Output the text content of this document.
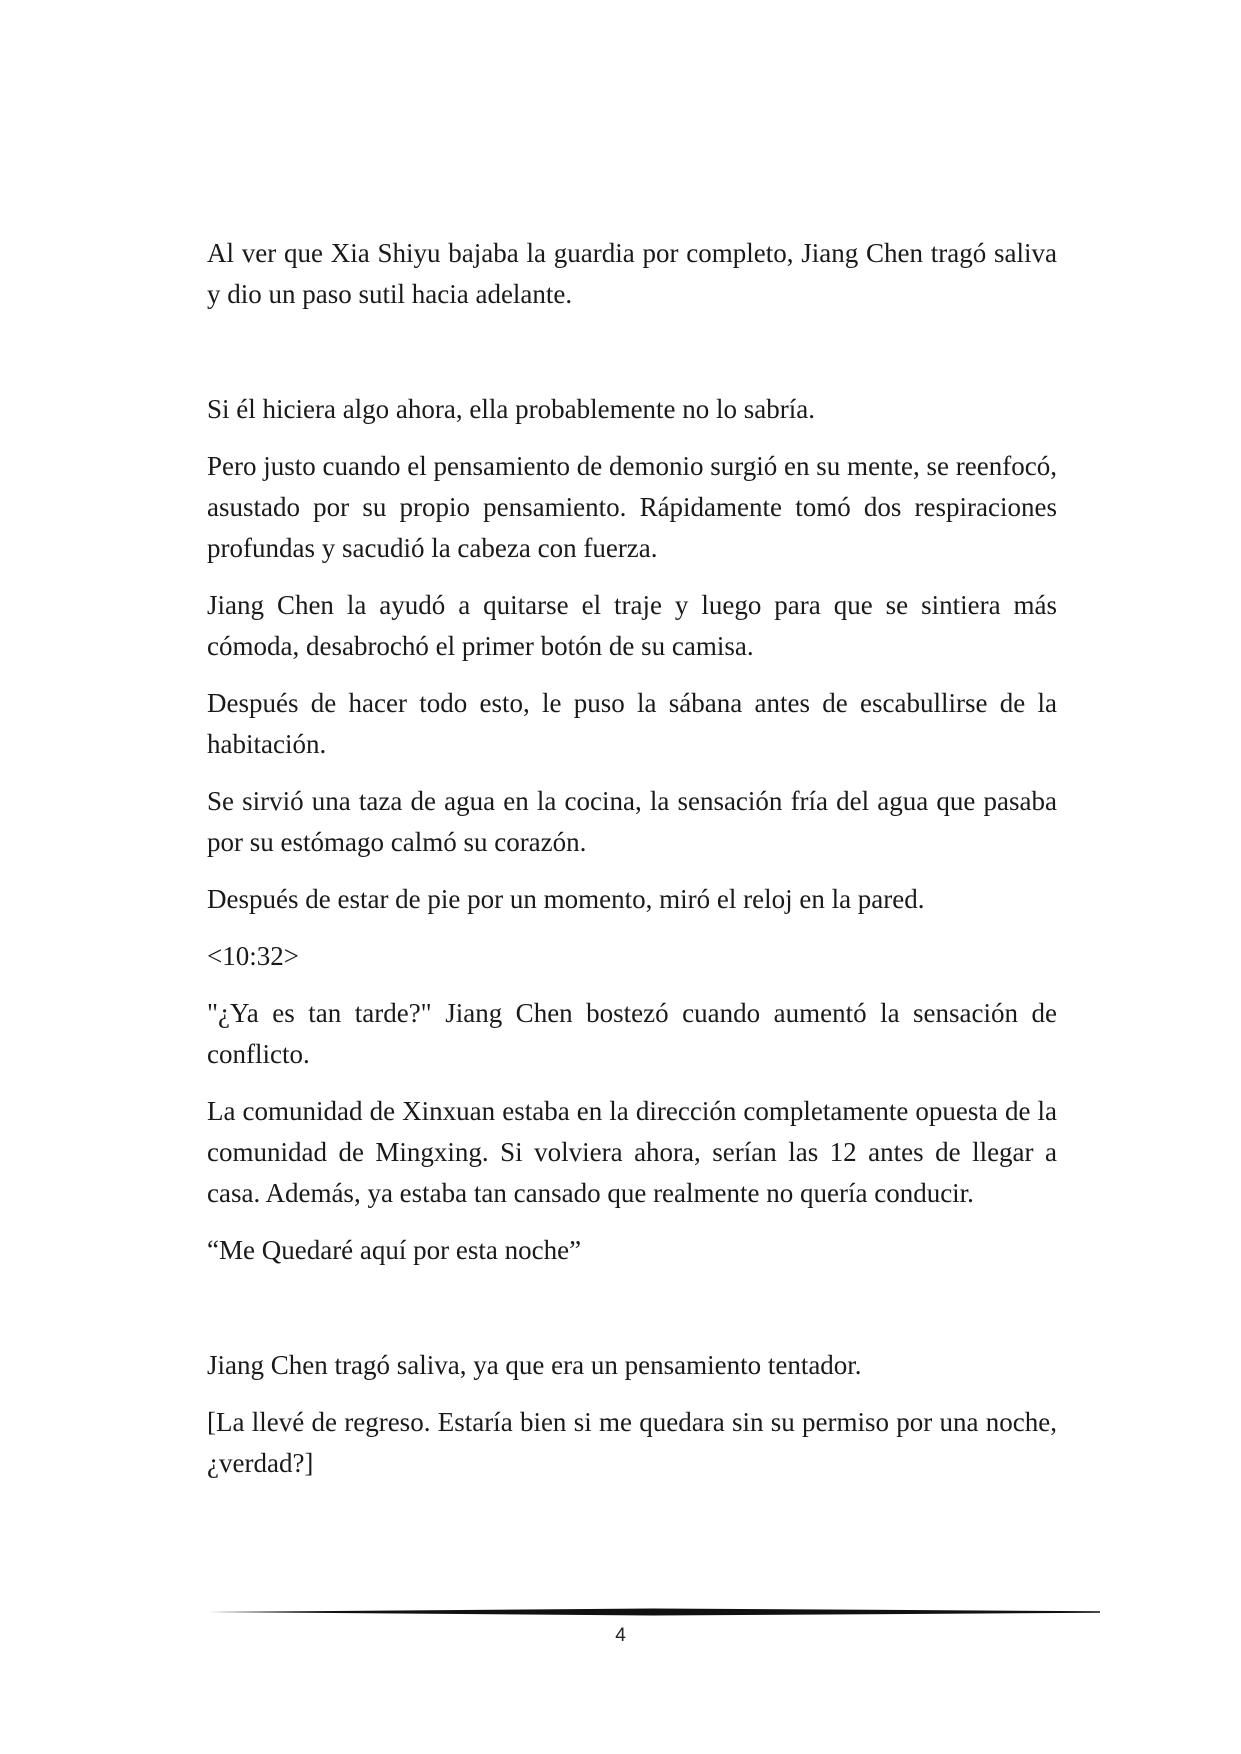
Al ver que Xia Shiyu bajaba la guardia por completo, Jiang Chen tragó saliva y dio un paso sutil hacia adelante.

Si él hiciera algo ahora, ella probablemente no lo sabría.

Pero justo cuando el pensamiento de demonio surgió en su mente, se reenfocó, asustado por su propio pensamiento. Rápidamente tomó dos respiraciones profundas y sacudió la cabeza con fuerza.

Jiang Chen la ayudó a quitarse el traje y luego para que se sintiera más cómoda, desabrochó el primer botón de su camisa.

Después de hacer todo esto, le puso la sábana antes de escabullirse de la habitación.

Se sirvió una taza de agua en la cocina, la sensación fría del agua que pasaba por su estómago calmó su corazón.

Después de estar de pie por un momento, miró el reloj en la pared.

<10:32>

"¿Ya es tan tarde?" Jiang Chen bostezó cuando aumentó la sensación de conflicto.

La comunidad de Xinxuan estaba en la dirección completamente opuesta de la comunidad de Mingxing. Si volviera ahora, serían las 12 antes de llegar a casa. Además, ya estaba tan cansado que realmente no quería conducir.

“Me Quedaré aquí por esta noche”

Jiang Chen tragó saliva, ya que era un pensamiento tentador.

[La llevé de regreso. Estaría bien si me quedara sin su permiso por una noche, ¿verdad?]

4
